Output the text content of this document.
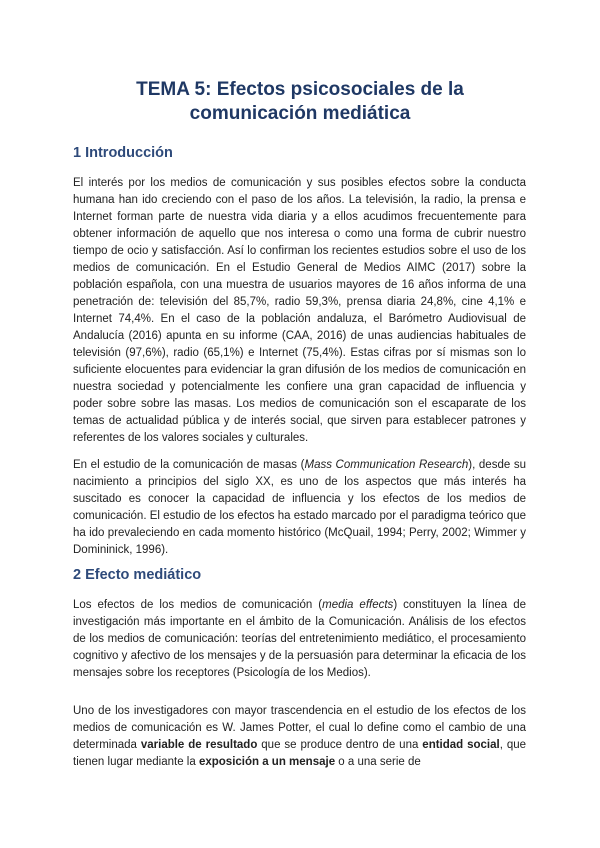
TEMA 5: Efectos psicosociales de la
comunicación mediática
1 Introducción

El interés por los medios de comunicación y sus posibles efectos sobre la conducta humana han ido creciendo con el paso de los años. La televisión, la radio, la prensa e Internet forman parte de nuestra vida diaria y a ellos acudimos frecuentemente para obtener información de aquello que nos interesa o como una forma de cubrir nuestro tiempo de ocio y satisfacción. Así lo confirman los recientes estudios sobre el uso de los medios de comunicación. En el Estudio General de Medios AIMC (2017) sobre la población española, con una muestra de usuarios mayores de 16 años informa de una penetración de: televisión del 85,7%, radio 59,3%, prensa diaria 24,8%, cine 4,1% e Internet 74,4%. En el caso de la población andaluza, el Barómetro Audiovisual de Andalucía (2016) apunta en su informe (CAA, 2016) de unas audiencias habituales de televisión (97,6%), radio (65,1%) e Internet (75,4%). Estas cifras por sí mismas son lo suficiente elocuentes para evidenciar la gran difusión de los medios de comunicación en nuestra sociedad y potencialmente les confiere una gran capacidad de influencia y poder sobre sobre las masas. Los medios de comunicación son el escaparate de los temas de actualidad pública y de interés social, que sirven para establecer patrones y referentes de los valores sociales y culturales.

En el estudio de la comunicación de masas (Mass Communication Research), desde su nacimiento a principios del siglo XX, es uno de los aspectos que más interés ha suscitado es conocer la capacidad de influencia y los efectos de los medios de comunicación. El estudio de los efectos ha estado marcado por el paradigma teórico que ha ido prevaleciendo en cada momento histórico (McQuail, 1994; Perry, 2002; Wimmer y Domininick, 1996).

2 Efecto mediático

Los efectos de los medios de comunicación (media effects) constituyen la línea de investigación más importante en el ámbito de la Comunicación. Análisis de los efectos de los medios de comunicación: teorías del entretenimiento mediático, el procesamiento cognitivo y afectivo de los mensajes y de la persuasión para determinar la eficacia de los mensajes sobre los receptores (Psicología de los Medios).

Uno de los investigadores con mayor trascendencia en el estudio de los efectos de los medios de comunicación es W. James Potter, el cual lo define como el cambio de una determinada variable de resultado que se produce dentro de una entidad social, que tienen lugar mediante la exposición a un mensaje o a una serie de
